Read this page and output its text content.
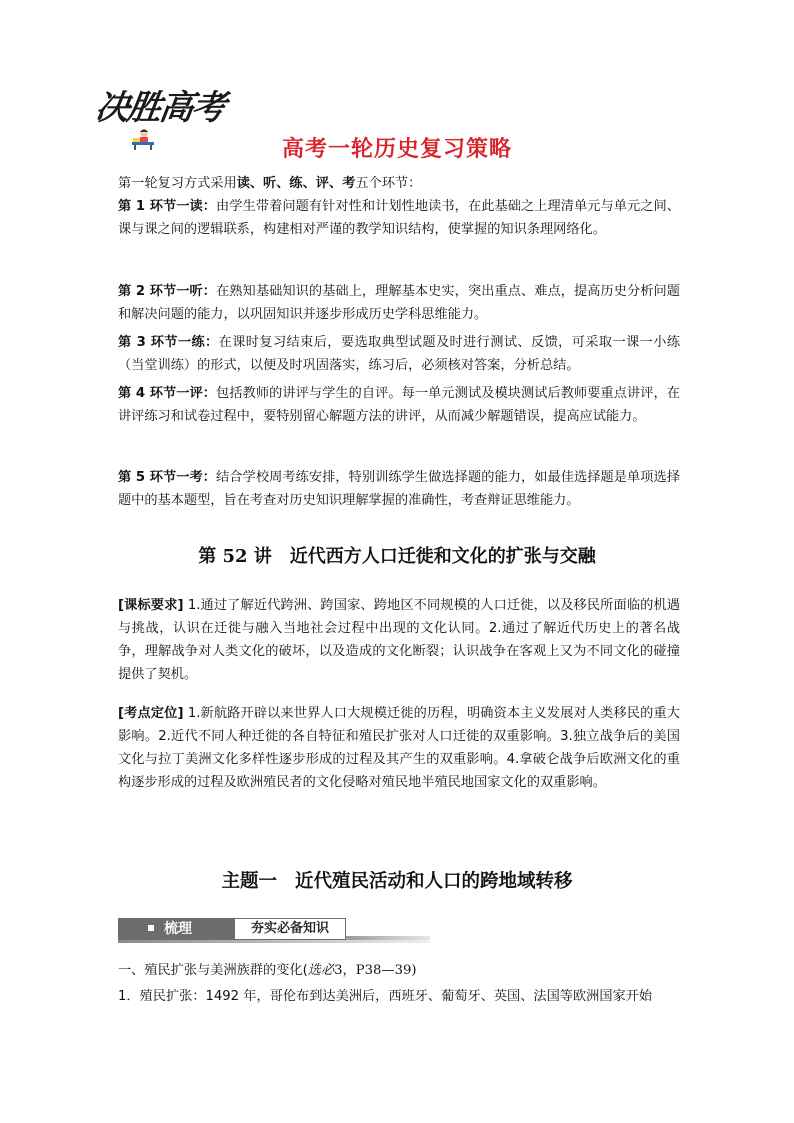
决胜高考
高考一轮历史复习策略

第一轮复习方式采用读、听、练、评、考五个环节：

第 1 环节一读：由学生带着问题有针对性和计划性地读书，在此基础之上理清单元与单元之间、课与课之间的逻辑联系，构建相对严谨的教学知识结构，使掌握的知识条理网络化。

第 2 环节一听：在熟知基础知识的基础上，理解基本史实，突出重点、难点，提高历史分析问题和解决问题的能力，以巩固知识并逐步形成历史学科思维能力。

第 3 环节一练：在课时复习结束后，要选取典型试题及时进行测试、反馈，可采取一课一小练（当堂训练）的形式，以便及时巩固落实，练习后，必须核对答案，分析总结。

第 4 环节一评：包括教师的讲评与学生的自评。每一单元测试及模块测试后教师要重点讲评，在讲评练习和试卷过程中，要特别留心解题方法的讲评，从而减少解题错误，提高应试能力。

第 5 环节一考：结合学校周考练安排，特别训练学生做选择题的能力，如最佳选择题是单项选择题中的基本题型，旨在考查对历史知识理解掌握的准确性，考查辩证思维能力。

第 52 讲 近代西方人口迁徙和文化的扩张与交融

[课标要求] 1.通过了解近代跨洲、跨国家、跨地区不同规模的人口迁徙，以及移民所面临的机遇与挑战，认识在迁徙与融入当地社会过程中出现的文化认同。2.通过了解近代历史上的著名战争，理解战争对人类文化的破坏，以及造成的文化断裂；认识战争在客观上又为不同文化的碰撞提供了契机。

[考点定位] 1.新航路开辟以来世界人口大规模迁徙的历程，明确资本主义发展对人类移民的重大影响。2.近代不同人种迁徙的各自特征和殖民扩张对人口迁徙的双重影响。3.独立战争后的美国文化与拉丁美洲文化多样性逐步形成的过程及其产生的双重影响。4.拿破仑战争后欧洲文化的重构逐步形成的过程及欧洲殖民者的文化侵略对殖民地半殖民地国家文化的双重影响。

主题一 近代殖民活动和人口的跨地域转移
梳理	夯实必备知识
一、殖民扩张与美洲族群的变化(选必3，P38—39)
1．殖民扩张：1492 年，哥伦布到达美洲后，西班牙、葡萄牙、英国、法国等欧洲国家开始
